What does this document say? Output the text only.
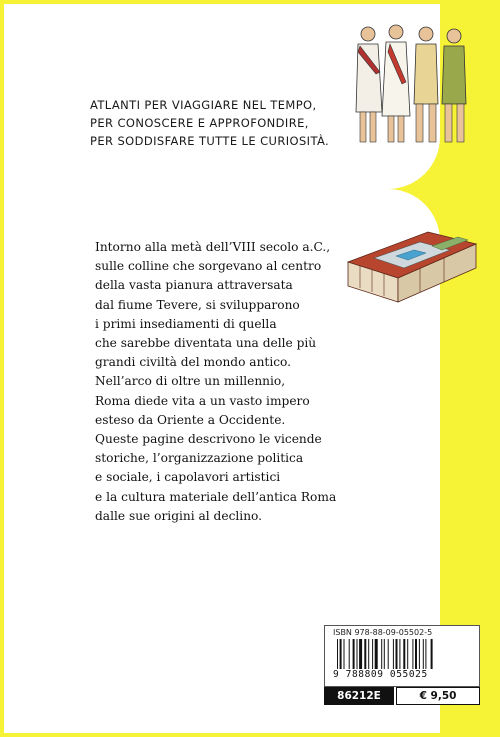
ATLANTI PER VIAGGIARE NEL TEMPO,
PER CONOSCERE E APPROFONDIRE,
PER SODDISFARE TUTTE LE CURIOSITÀ.
Intorno alla metà dell’VIII secolo a.C.,
sulle colline che sorgevano al centro
della vasta pianura attraversata
dal fiume Tevere, si svilupparono
i primi insediamenti di quella
che sarebbe diventata una delle più
grandi civiltà del mondo antico.
Nell’arco di oltre un millennio,
Roma diede vita a un vasto impero
esteso da Oriente a Occidente.
Queste pagine descrivono le vicende
storiche, l’organizzazione politica
e sociale, i capolavori artistici
e la cultura materiale dell’antica Roma
dalle sue origini al declino.
ISBN 978-88-09-05502-5
9 788809 055025
86212E	€ 9,50
